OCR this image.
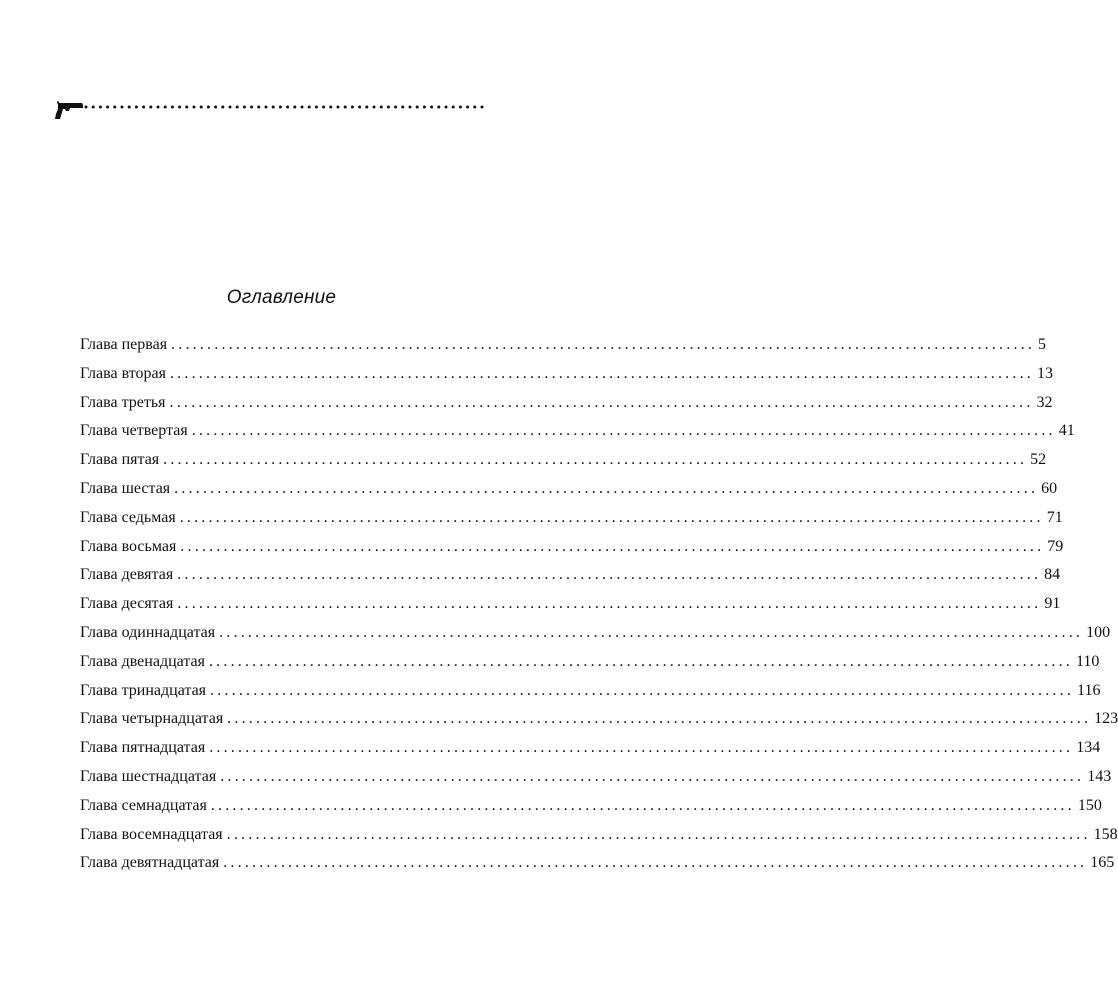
Оглавление
Глава первая ........................................................................................................................ 5
Глава вторая ........................................................................................................................ 13
Глава третья ........................................................................................................................ 32
Глава четвертая ........................................................................................................................ 41
Глава пятая ........................................................................................................................ 52
Глава шестая ........................................................................................................................ 60
Глава седьмая ........................................................................................................................ 71
Глава восьмая ........................................................................................................................ 79
Глава девятая ........................................................................................................................ 84
Глава десятая ........................................................................................................................ 91
Глава одиннадцатая ........................................................................................................................ 100
Глава двенадцатая ........................................................................................................................ 110
Глава тринадцатая ........................................................................................................................ 116
Глава четырнадцатая ........................................................................................................................ 123
Глава пятнадцатая ........................................................................................................................ 134
Глава шестнадцатая ........................................................................................................................ 143
Глава семнадцатая ........................................................................................................................ 150
Глава восемнадцатая ........................................................................................................................ 158
Глава девятнадцатая ........................................................................................................................ 165
